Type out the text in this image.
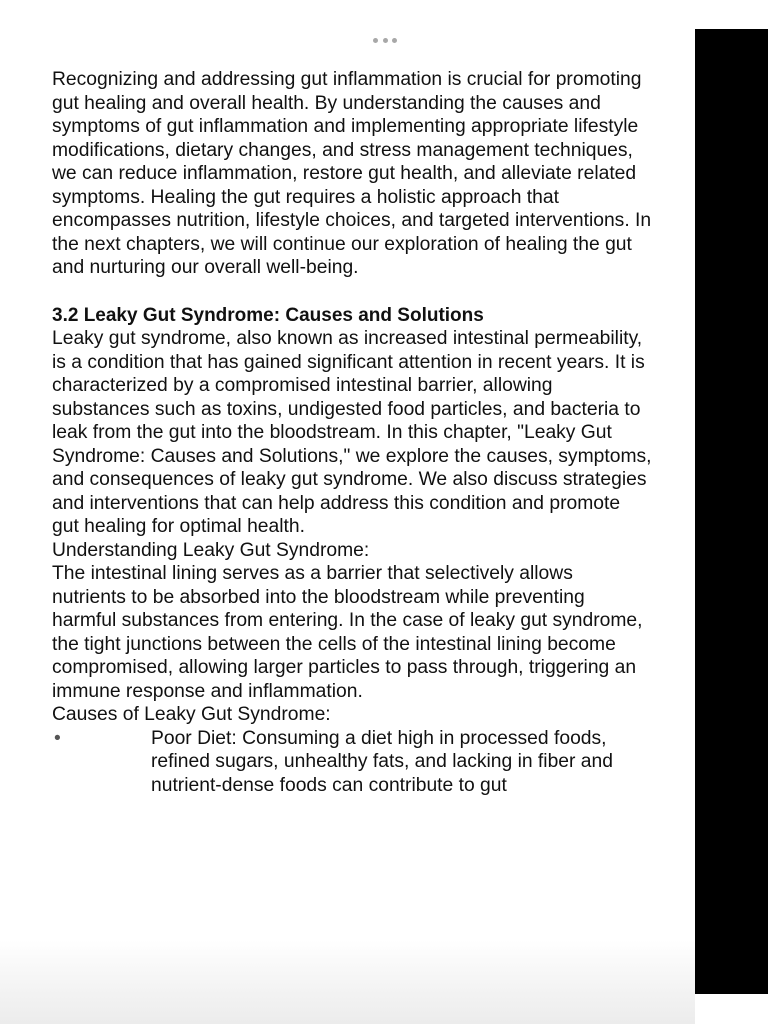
Recognizing and addressing gut inflammation is crucial for promoting gut healing and overall health. By understanding the causes and symptoms of gut inflammation and implementing appropriate lifestyle modifications, dietary changes, and stress management techniques, we can reduce inflammation, restore gut health, and alleviate related symptoms. Healing the gut requires a holistic approach that encompasses nutrition, lifestyle choices, and targeted interventions. In the next chapters, we will continue our exploration of healing the gut and nurturing our overall well-being.

3.2 Leaky Gut Syndrome: Causes and Solutions

Leaky gut syndrome, also known as increased intestinal permeability, is a condition that has gained significant attention in recent years. It is characterized by a compromised intestinal barrier, allowing substances such as toxins, undigested food particles, and bacteria to leak from the gut into the bloodstream. In this chapter, "Leaky Gut Syndrome: Causes and Solutions," we explore the causes, symptoms, and consequences of leaky gut syndrome. We also discuss strategies and interventions that can help address this condition and promote gut healing for optimal health.

Understanding Leaky Gut Syndrome:

The intestinal lining serves as a barrier that selectively allows nutrients to be absorbed into the bloodstream while preventing harmful substances from entering. In the case of leaky gut syndrome, the tight junctions between the cells of the intestinal lining become compromised, allowing larger particles to pass through, triggering an immune response and inflammation.

Causes of Leaky Gut Syndrome:

•	Poor Diet: Consuming a diet high in processed foods, refined sugars, unhealthy fats, and lacking in fiber and nutrient-dense foods can contribute to gut
